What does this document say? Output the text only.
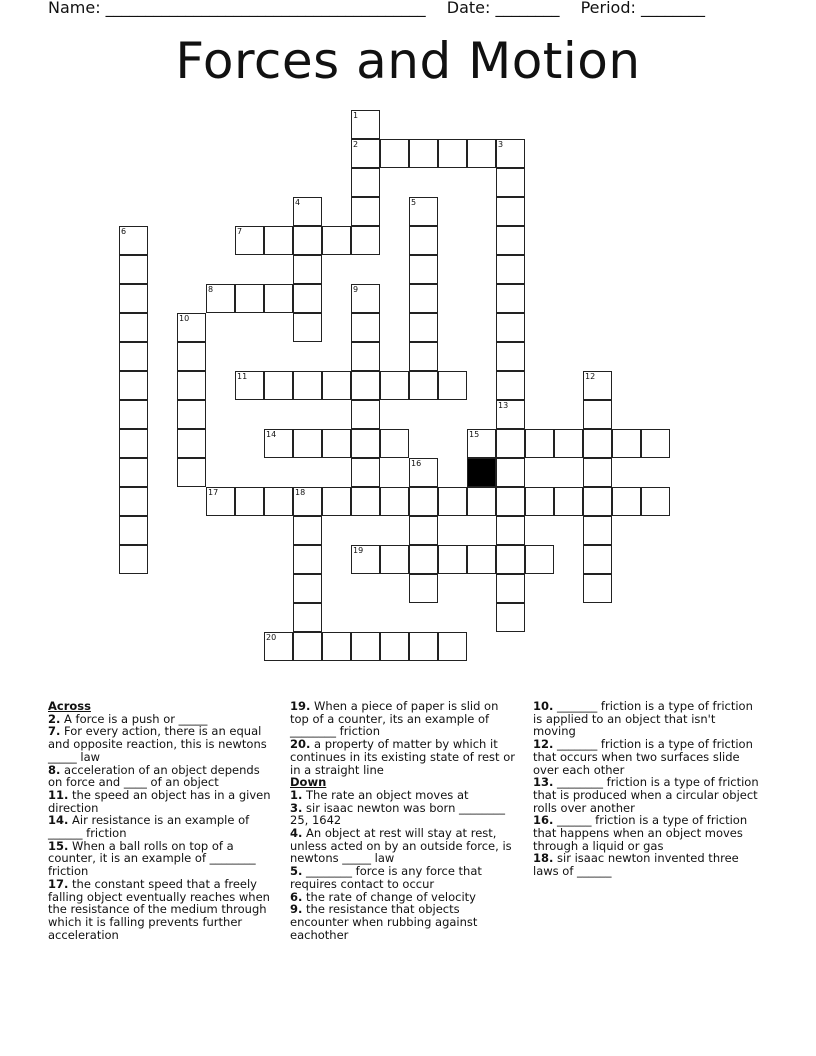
Name: ________________________________________ Date: ________ Period: ________
Forces and Motion
1
2	3
4	5
6	7
8	9
10
11	12
13
14	15
16
17	18
19
20
Across
2. A force is a push or _____
7. For every action, there is an equal and opposite reaction, this is newtons _____ law
8. acceleration of an object depends on force and ____ of an object
11. the speed an object has in a given direction
14. Air resistance is an example of ______ friction
15. When a ball rolls on top of a counter, it is an example of ________ friction
17. the constant speed that a freely falling object eventually reaches when the resistance of the medium through which it is falling prevents further acceleration
19. When a piece of paper is slid on top of a counter, its an example of ________ friction
20. a property of matter by which it continues in its existing state of rest or in a straight line
Down
1. The rate an object moves at
3. sir isaac newton was born ________ 25, 1642
4. An object at rest will stay at rest, unless acted on by an outside force, is newtons _____ law
5. ________ force is any force that requires contact to occur
6. the rate of change of velocity
9. the resistance that objects encounter when rubbing against eachother
10. _______ friction is a type of friction is applied to an object that isn't moving
12. _______ friction is a type of friction that occurs when two surfaces slide over each other
13. ________ friction is a type of friction that is produced when a circular object rolls over another
16. ______ friction is a type of friction that happens when an object moves through a liquid or gas
18. sir isaac newton invented three laws of ______
